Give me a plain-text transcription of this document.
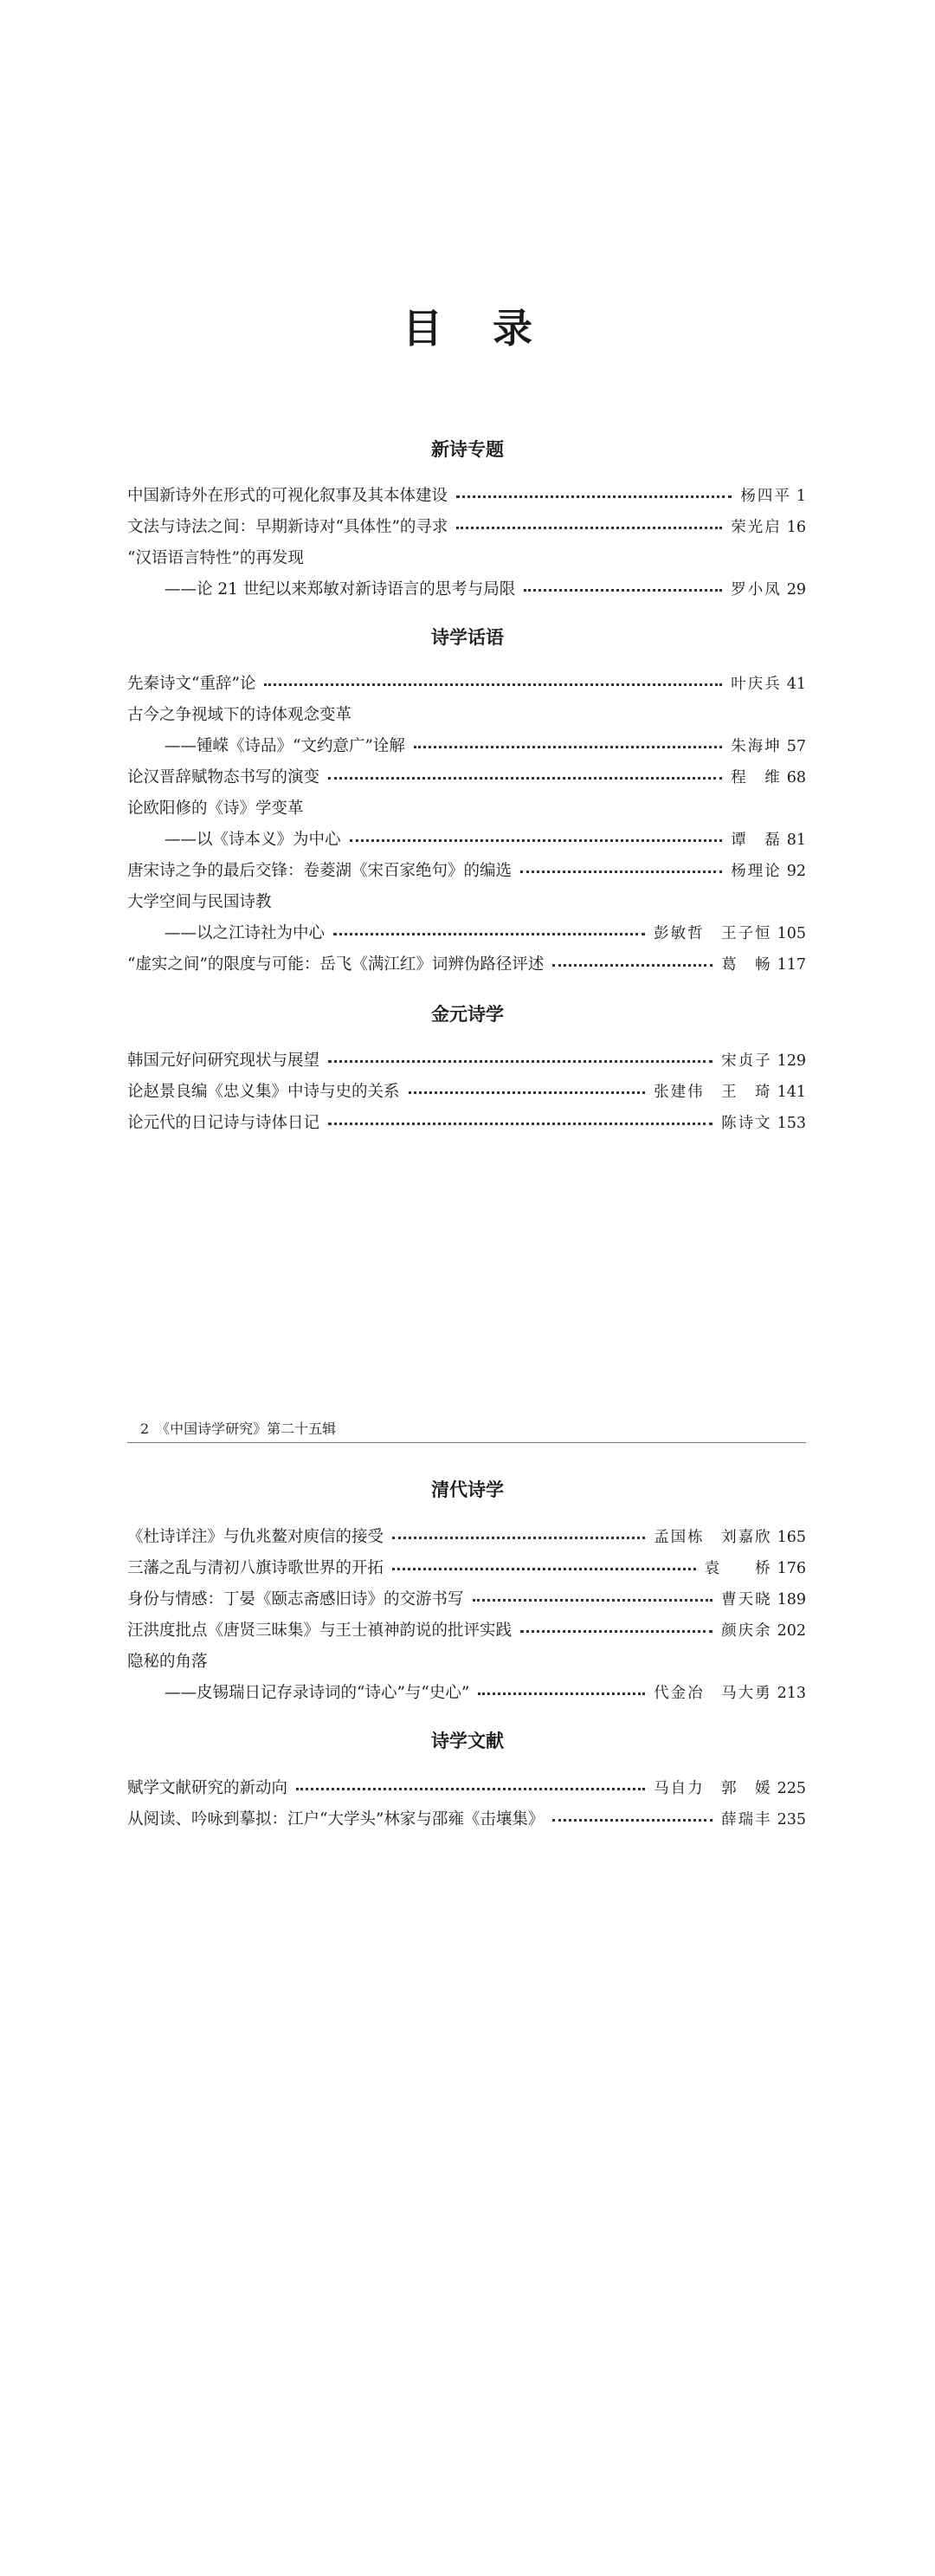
目录
新诗专题
中国新诗外在形式的可视化叙事及其本体建设	杨四平 1
文法与诗法之间：早期新诗对“具体性”的寻求	荣光启 16
“汉语语言特性”的再发现
——论 21 世纪以来郑敏对新诗语言的思考与局限	罗小凤 29
诗学话语
先秦诗文“重辞”论	叶庆兵 41
古今之争视域下的诗体观念变革
——锺嵘《诗品》“文约意广”诠解	朱海坤 57
论汉晋辞赋物态书写的演变	程　维 68
论欧阳修的《诗》学变革
——以《诗本义》为中心	谭　磊 81
唐宋诗之争的最后交锋：卷菱湖《宋百家绝句》的编选	杨理论 92
大学空间与民国诗教
——以之江诗社为中心	彭敏哲　王子恒 105
“虚实之间”的限度与可能：岳飞《满江红》词辨伪路径评述	葛　畅 117
金元诗学
韩国元好问研究现状与展望	宋贞子 129
论赵景良编《忠义集》中诗与史的关系	张建伟　王　琦 141
论元代的日记诗与诗体日记	陈诗文 153
2　《中国诗学研究》第二十五辑
清代诗学
《杜诗详注》与仇兆鳌对庾信的接受	孟国栋　刘嘉欣 165
三藩之乱与清初八旗诗歌世界的开拓	袁　　桥 176
身份与情感：丁晏《颐志斋感旧诗》的交游书写	曹天晓 189
汪洪度批点《唐贤三昧集》与王士禛神韵说的批评实践	颜庆余 202
隐秘的角落
——皮锡瑞日记存录诗词的“诗心”与“史心”	代金冶　马大勇 213
诗学文献
赋学文献研究的新动向	马自力　郭　媛 225
从阅读、吟咏到摹拟：江户“大学头”林家与邵雍《击壤集》	薛瑞丰 235
